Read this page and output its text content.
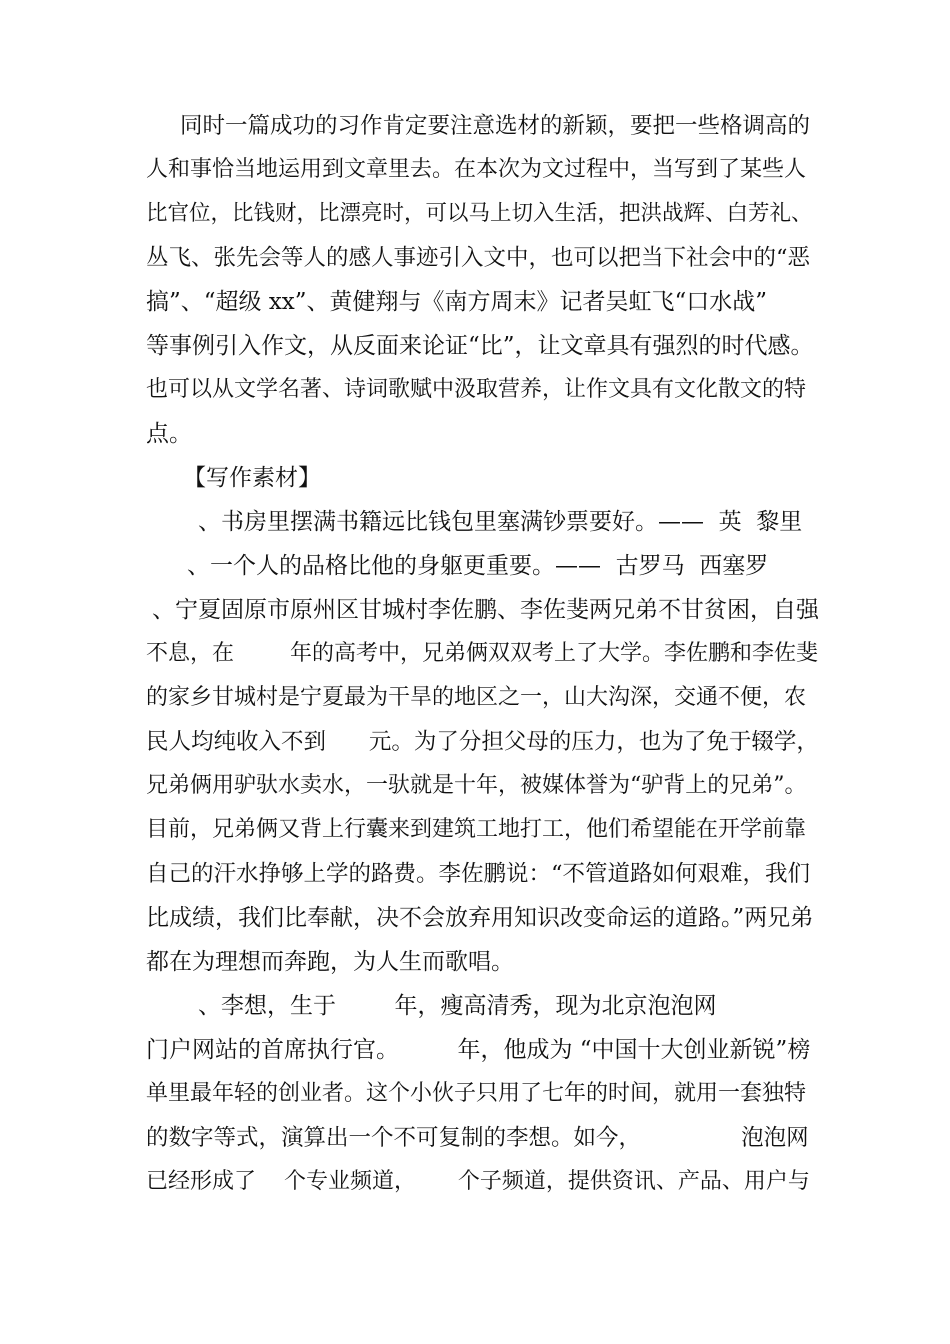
同时一篇成功的习作肯定要注意选材的新颖，要把一些格调高的
人和事恰当地运用到文章里去。在本次为文过程中，当写到了某些人
比官位，比钱财，比漂亮时，可以马上切入生活，把洪战辉、白芳礼、
丛飞、张先会等人的感人事迹引入文中，也可以把当下社会中的“恶
搞”、“超级 xx”、黄健翔与《南方周末》记者吴虹飞“口水战”
等事例引入作文，从反面来论证“比”，让文章具有强烈的时代感。
也可以从文学名著、诗词歌赋中汲取营养，让作文具有文化散文的特
点。
【写作素材】
、书房里摆满书籍远比钱包里塞满钞票要好。——  英  黎里
、一个人的品格比他的身躯更重要。——  古罗马  西塞罗
、宁夏固原市原州区甘城村李佐鹏、李佐斐两兄弟不甘贫困，自强
不息，在        年的高考中，兄弟俩双双考上了大学。李佐鹏和李佐斐
的家乡甘城村是宁夏最为干旱的地区之一，山大沟深，交通不便，农
民人均纯收入不到      元。为了分担父母的压力，也为了免于辍学，
兄弟俩用驴驮水卖水，一驮就是十年，被媒体誉为“驴背上的兄弟”。
目前，兄弟俩又背上行囊来到建筑工地打工，他们希望能在开学前靠
自己的汗水挣够上学的路费。李佐鹏说：“不管道路如何艰难，我们
比成绩，我们比奉献，决不会放弃用知识改变命运的道路。”两兄弟
都在为理想而奔跑，为人生而歌唱。
、李想，生于        年，瘦高清秀，现为北京泡泡网
门户网站的首席执行官。        年，他成为 “中国十大创业新锐”榜
单里最年轻的创业者。这个小伙子只用了七年的时间，就用一套独特
的数字等式，演算出一个不可复制的李想。如今，              泡泡网
已经形成了    个专业频道，      个子频道，提供资讯、产品、用户与
